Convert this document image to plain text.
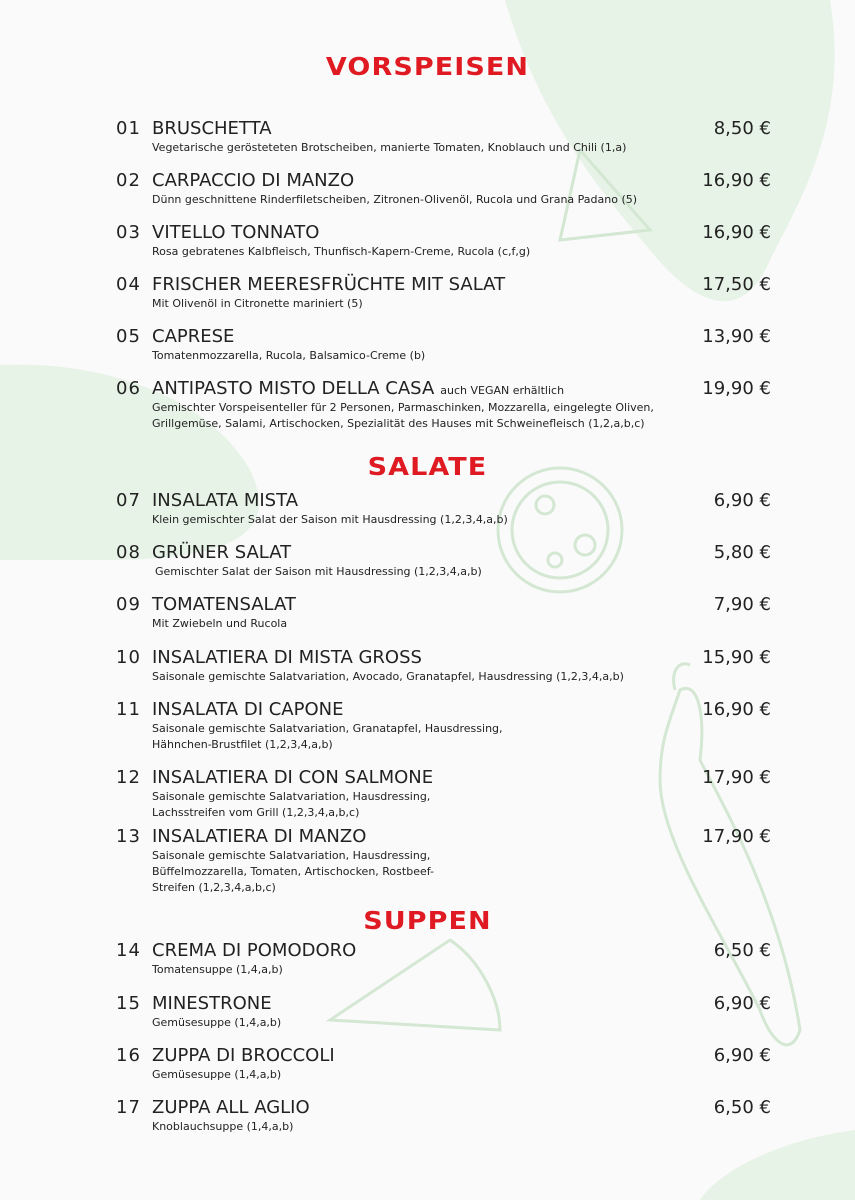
VORSPEISEN
01 BRUSCHETTA	8,50 €
Vegetarische gerösteteten Brotscheiben, manierte Tomaten, Knoblauch und Chili (1,a)
02 CARPACCIO DI MANZO	16,90 €
Dünn geschnittene Rinderfiletscheiben, Zitronen-Olivenöl, Rucola und Grana Padano (5)
03 VITELLO TONNATO	16,90 €
Rosa gebratenes Kalbfleisch, Thunfisch-Kapern-Creme, Rucola (c,f,g)
04 FRISCHER MEERESFRÜCHTE MIT SALAT	17,50 €
Mit Olivenöl in Citronette mariniert (5)
05 CAPRESE	13,90 €
Tomatenmozzarella, Rucola, Balsamico-Creme (b)
06 ANTIPASTO MISTO DELLA CASA auch VEGAN erhältlich	19,90 €
Gemischter Vorspeisenteller für 2 Personen, Parmaschinken, Mozzarella, eingelegte Oliven, Grillgemüse, Salami, Artischocken, Spezialität des Hauses mit Schweinefleisch (1,2,a,b,c)
SALATE
07 INSALATA MISTA	6,90 €
Klein gemischter Salat der Saison mit Hausdressing (1,2,3,4,a,b)
08 GRÜNER SALAT	5,80 €
Gemischter Salat der Saison mit Hausdressing (1,2,3,4,a,b)
09 TOMATENSALAT	7,90 €
Mit Zwiebeln und Rucola
10 INSALATIERA DI MISTA GROSS	15,90 €
Saisonale gemischte Salatvariation, Avocado, Granatapfel, Hausdressing (1,2,3,4,a,b)
11 INSALATA DI CAPONE	16,90 €
Saisonale gemischte Salatvariation, Granatapfel, Hausdressing, Hähnchen-Brustfilet (1,2,3,4,a,b)
12 INSALATIERA DI CON SALMONE	17,90 €
Saisonale gemischte Salatvariation, Hausdressing, Lachsstreifen vom Grill (1,2,3,4,a,b,c)
13 INSALATIERA DI MANZO	17,90 €
Saisonale gemischte Salatvariation, Hausdressing, Büffelmozzarella, Tomaten, Artischocken, Rostbeef-Streifen (1,2,3,4,a,b,c)
SUPPEN
14 CREMA DI POMODORO	6,50 €
Tomatensuppe (1,4,a,b)
15 MINESTRONE	6,90 €
Gemüsesuppe (1,4,a,b)
16 ZUPPA DI BROCCOLI	6,90 €
Gemüsesuppe (1,4,a,b)
17 ZUPPA ALL AGLIO	6,50 €
Knoblauchsuppe (1,4,a,b)
